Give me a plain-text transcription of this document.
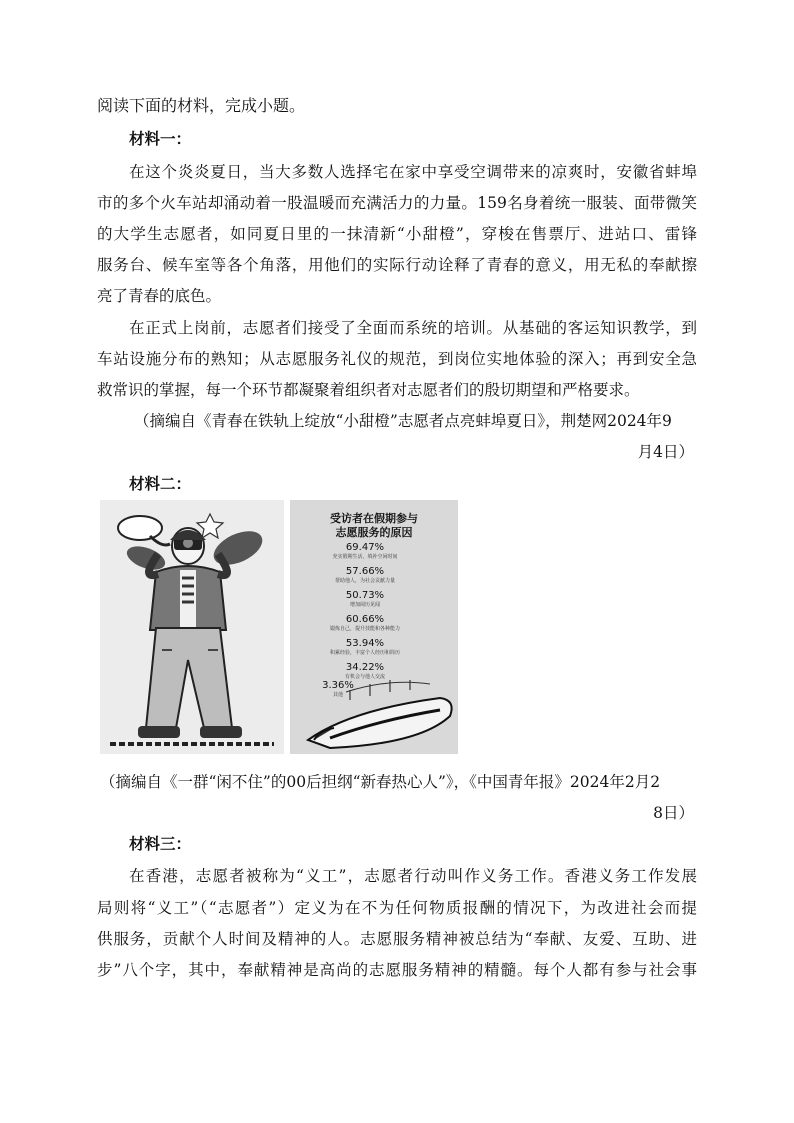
阅读下面的材料，完成小题。
材料一：
在这个炎炎夏日，当大多数人选择宅在家中享受空调带来的凉爽时，安徽省蚌埠
市的多个火车站却涌动着一股温暖而充满活力的力量。159名身着统一服装、面带微笑
的大学生志愿者，如同夏日里的一抹清新“小甜橙”，穿梭在售票厅、进站口、雷锋
服务台、候车室等各个角落，用他们的实际行动诠释了青春的意义，用无私的奉献擦
亮了青春的底色。
在正式上岗前，志愿者们接受了全面而系统的培训。从基础的客运知识教学，到
车站设施分布的熟知；从志愿服务礼仪的规范，到岗位实地体验的深入；再到安全急
救常识的掌握，每一个环节都凝聚着组织者对志愿者们的殷切期望和严格要求。
（摘编自《青春在铁轨上绽放“小甜橙”志愿者点亮蚌埠夏日》，荆楚网2024年9
月4日）
材料二：
受访者在假期参与
志愿服务的原因
69.47%
充实假期生活，填补空闲时间
57.66%
帮助他人，为社会贡献力量
50.73%
增加阅历见闻
60.66%
锻炼自己，提升技能和各种能力
53.94%
积累经验，丰富个人经历和简历
34.22%
有机会与他人交流
3.36%
其他
（摘编自《一群“闲不住”的00后担纲“新春热心人”》，《中国青年报》2024年2月2
8日）
材料三：
在香港，志愿者被称为“义工”，志愿者行动叫作义务工作。香港义务工作发展
局则将“义工”（“志愿者”）定义为在不为任何物质报酬的情况下，为改进社会而提
供服务，贡献个人时间及精神的人。志愿服务精神被总结为“奉献、友爱、互助、进
步”八个字，其中，奉献精神是高尚的志愿服务精神的精髓。每个人都有参与社会事
